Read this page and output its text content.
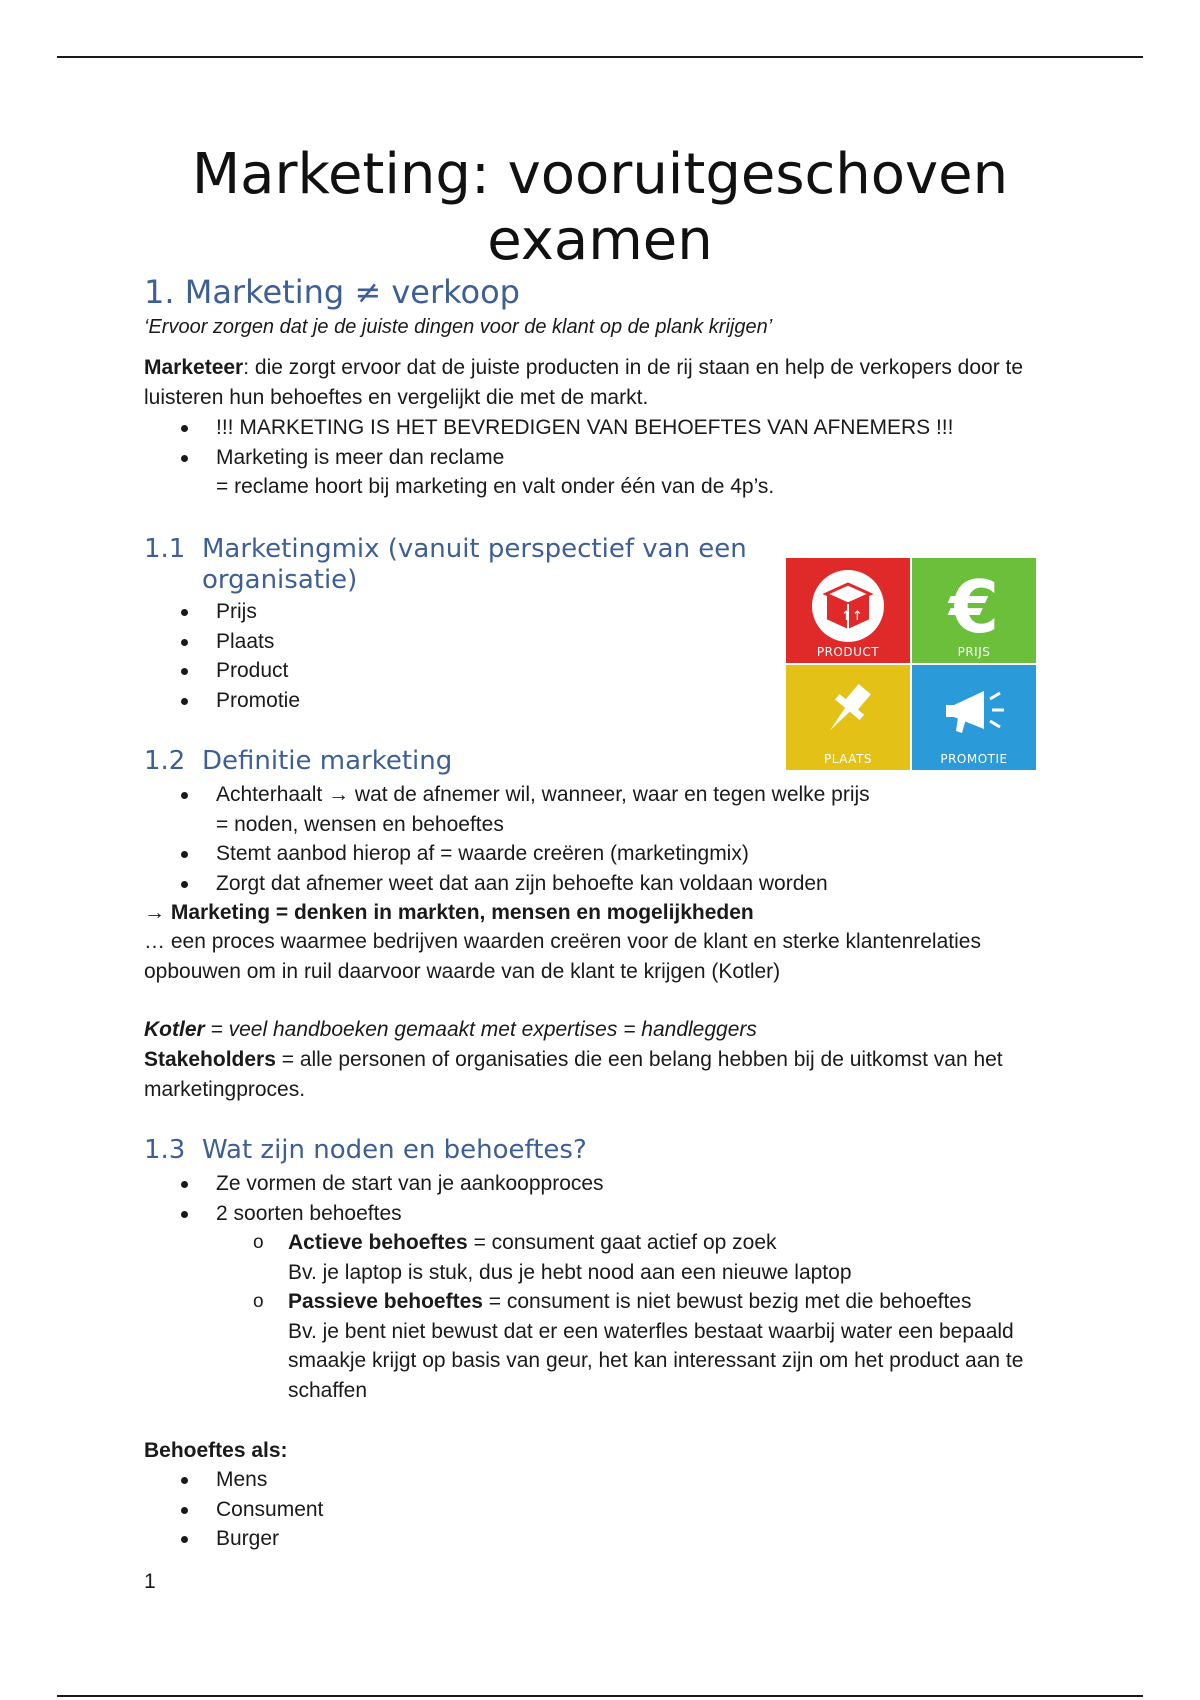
Marketing: vooruitgeschoven examen
1. Marketing ≠ verkoop

‘Ervoor zorgen dat je de juiste dingen voor de klant op de plank krijgen’

Marketeer: die zorgt ervoor dat de juiste producten in de rij staan en help de verkopers door te luisteren hun behoeftes en vergelijkt die met de markt.

!!! MARKETING IS HET BEVREDIGEN VAN BEHOEFTES VAN AFNEMERS !!!
Marketing is meer dan reclame
= reclame hoort bij marketing en valt onder één van de 4p’s.
1.1 Marketingmix (vanuit perspectief van een
organisatie)
Prijs
Plaats
Product
Promotie
↑↑
PRODUCT
€
PRIJS
PLAATS	PROMOTIE
1.2 Definitie marketing
Achterhaalt → wat de afnemer wil, wanneer, waar en tegen welke prijs
= noden, wensen en behoeftes
Stemt aanbod hierop af = waarde creëren (marketingmix)
Zorgt dat afnemer weet dat aan zijn behoefte kan voldaan worden

→ Marketing = denken in markten, mensen en mogelijkheden

… een proces waarmee bedrijven waarden creëren voor de klant en sterke klantenrelaties opbouwen om in ruil daarvoor waarde van de klant te krijgen (Kotler)

Kotler = veel handboeken gemaakt met expertises = handleggers

Stakeholders = alle personen of organisaties die een belang hebben bij de uitkomst van het marketingproces.

1.3 Wat zijn noden en behoeftes?
Ze vormen de start van je aankoopproces
2 soorten behoeftes
o Actieve behoeftes = consument gaat actief op zoek
Bv. je laptop is stuk, dus je hebt nood aan een nieuwe laptop
o Passieve behoeftes = consument is niet bewust bezig met die behoeftes
Bv. je bent niet bewust dat er een waterfles bestaat waarbij water een bepaald smaakje krijgt op basis van geur, het kan interessant zijn om het product aan te schaffen

Behoeftes als:

Mens
Consument
Burger
1
